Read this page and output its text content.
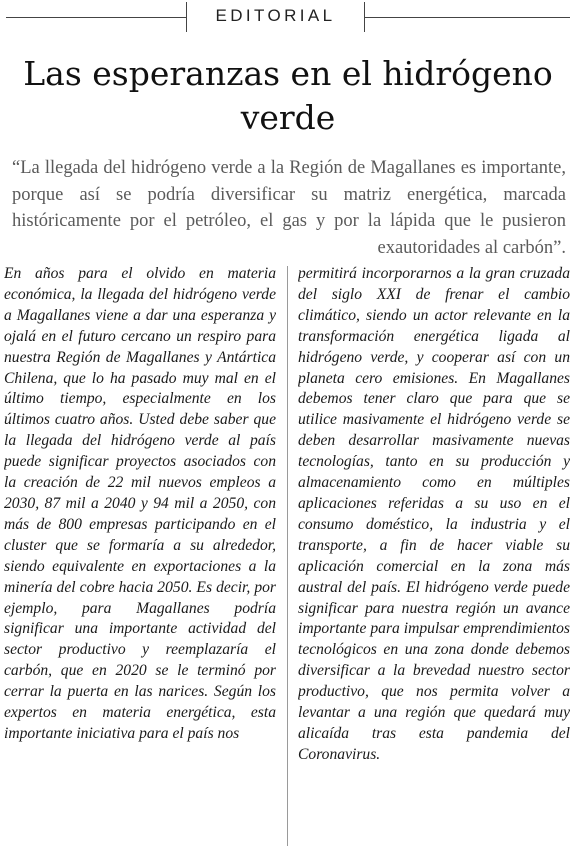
EDITORIAL
Las esperanzas en el hidrógeno verde

“La llegada del hidrógeno verde a la Región de Magallanes es importante, porque así se podría diversificar su matriz energética, marcada históricamente por el petróleo, el gas y por la lápida que le pusieron exautoridades al carbón”.

En años para el olvido en materia económica, la llegada del hidrógeno verde a Magallanes viene a dar una esperanza y ojalá en el futuro cercano un respiro para nuestra Región de Magallanes y Antártica Chilena, que lo ha pasado muy mal en el último tiempo, especialmente en los últimos cuatro años. Usted debe saber que la llegada del hidrógeno verde al país puede significar proyectos asociados con la creación de 22 mil nuevos empleos a 2030, 87 mil a 2040 y 94 mil a 2050, con más de 800 empresas participando en el cluster que se formaría a su alrededor, siendo equivalente en exportaciones a la minería del cobre hacia 2050. Es decir, por ejemplo, para Magallanes podría significar una importante actividad del sector productivo y reemplazaría el carbón, que en 2020 se le terminó por cerrar la puerta en las narices. Según los expertos en materia energética, esta importante iniciativa para el país nos

permitirá incorporarnos a la gran cruzada del siglo XXI de frenar el cambio climático, siendo un actor relevante en la transformación energética ligada al hidrógeno verde, y cooperar así con un planeta cero emisiones. En Magallanes debemos tener claro que para que se utilice masivamente el hidrógeno verde se deben desarrollar masivamente nuevas tecnologías, tanto en su producción y almacenamiento como en múltiples aplicaciones referidas a su uso en el consumo doméstico, la industria y el transporte, a fin de hacer viable su aplicación comercial en la zona más austral del país. El hidrógeno verde puede significar para nuestra región un avance importante para impulsar emprendimientos tecnológicos en una zona donde debemos diversificar a la brevedad nuestro sector productivo, que nos permita volver a levantar a una región que quedará muy alicaída tras esta pandemia del Coronavirus.
